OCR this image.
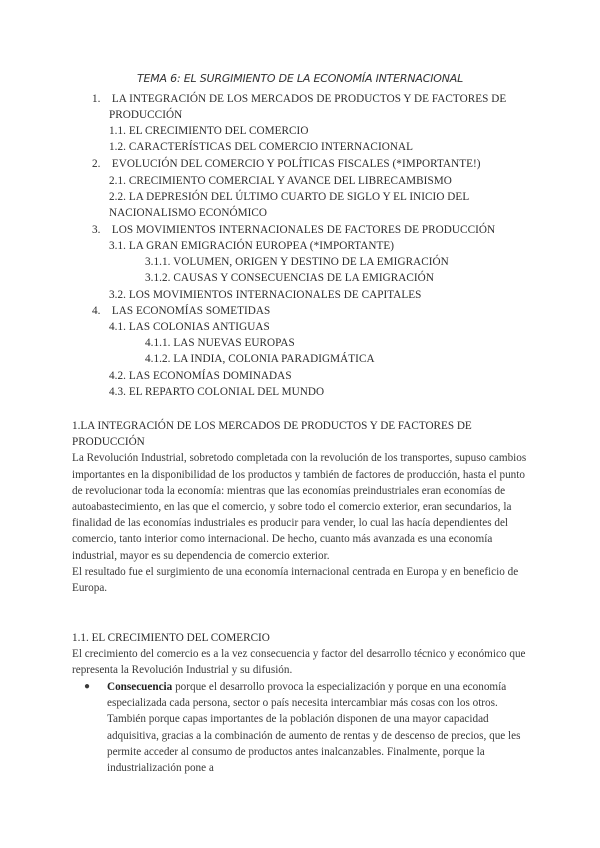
TEMA 6: EL SURGIMIENTO DE LA ECONOMÍA INTERNACIONAL
1.    LA INTEGRACIÓN DE LOS MERCADOS DE PRODUCTOS Y DE FACTORES DE
PRODUCCIÓN
1.1. EL CRECIMIENTO DEL COMERCIO
1.2. CARACTERÍSTICAS DEL COMERCIO INTERNACIONAL
2.    EVOLUCIÓN DEL COMERCIO Y POLÍTICAS FISCALES (*IMPORTANTE!)
2.1. CRECIMIENTO COMERCIAL Y AVANCE DEL LIBRECAMBISMO
2.2. LA DEPRESIÓN DEL ÚLTIMO CUARTO DE SIGLO Y EL INICIO DEL
NACIONALISMO ECONÓMICO
3.    LOS MOVIMIENTOS INTERNACIONALES DE FACTORES DE PRODUCCIÓN
3.1. LA GRAN EMIGRACIÓN EUROPEA (*IMPORTANTE)
3.1.1. VOLUMEN, ORIGEN Y DESTINO DE LA EMIGRACIÓN
3.1.2. CAUSAS Y CONSECUENCIAS DE LA EMIGRACIÓN
3.2. LOS MOVIMIENTOS INTERNACIONALES DE CAPITALES
4.    LAS ECONOMÍAS SOMETIDAS
4.1. LAS COLONIAS ANTIGUAS
4.1.1. LAS NUEVAS EUROPAS
4.1.2. LA INDIA, COLONIA PARADIGMÁTICA
4.2. LAS ECONOMÍAS DOMINADAS
4.3. EL REPARTO COLONIAL DEL MUNDO

1.LA INTEGRACIÓN DE LOS MERCADOS DE PRODUCTOS Y DE FACTORES DE PRODUCCIÓN

La Revolución Industrial, sobretodo completada con la revolución de los transportes, supuso cambios importantes en la disponibilidad de los productos y también de factores de producción, hasta el punto de revolucionar toda la economía: mientras que las economías preindustriales eran economías de autoabastecimiento, en las que el comercio, y sobre todo el comercio exterior, eran secundarios, la finalidad de las economías industriales es producir para vender, lo cual las hacía dependientes del comercio, tanto interior como internacional. De hecho, cuanto más avanzada es una economía industrial, mayor es su dependencia de comercio exterior.

El resultado fue el surgimiento de una economía internacional centrada en Europa y en beneficio de Europa.

1.1. EL CRECIMIENTO DEL COMERCIO

El crecimiento del comercio es a la vez consecuencia y factor del desarrollo técnico y económico que representa la Revolución Industrial y su difusión.

● Consecuencia porque el desarrollo provoca la especialización y porque en una economía especializada cada persona, sector o país necesita intercambiar más cosas con los otros. También porque capas importantes de la población disponen de una mayor capacidad adquisitiva, gracias a la combinación de aumento de rentas y de descenso de precios, que les permite acceder al consumo de productos antes inalcanzables. Finalmente, porque la industrialización pone a
